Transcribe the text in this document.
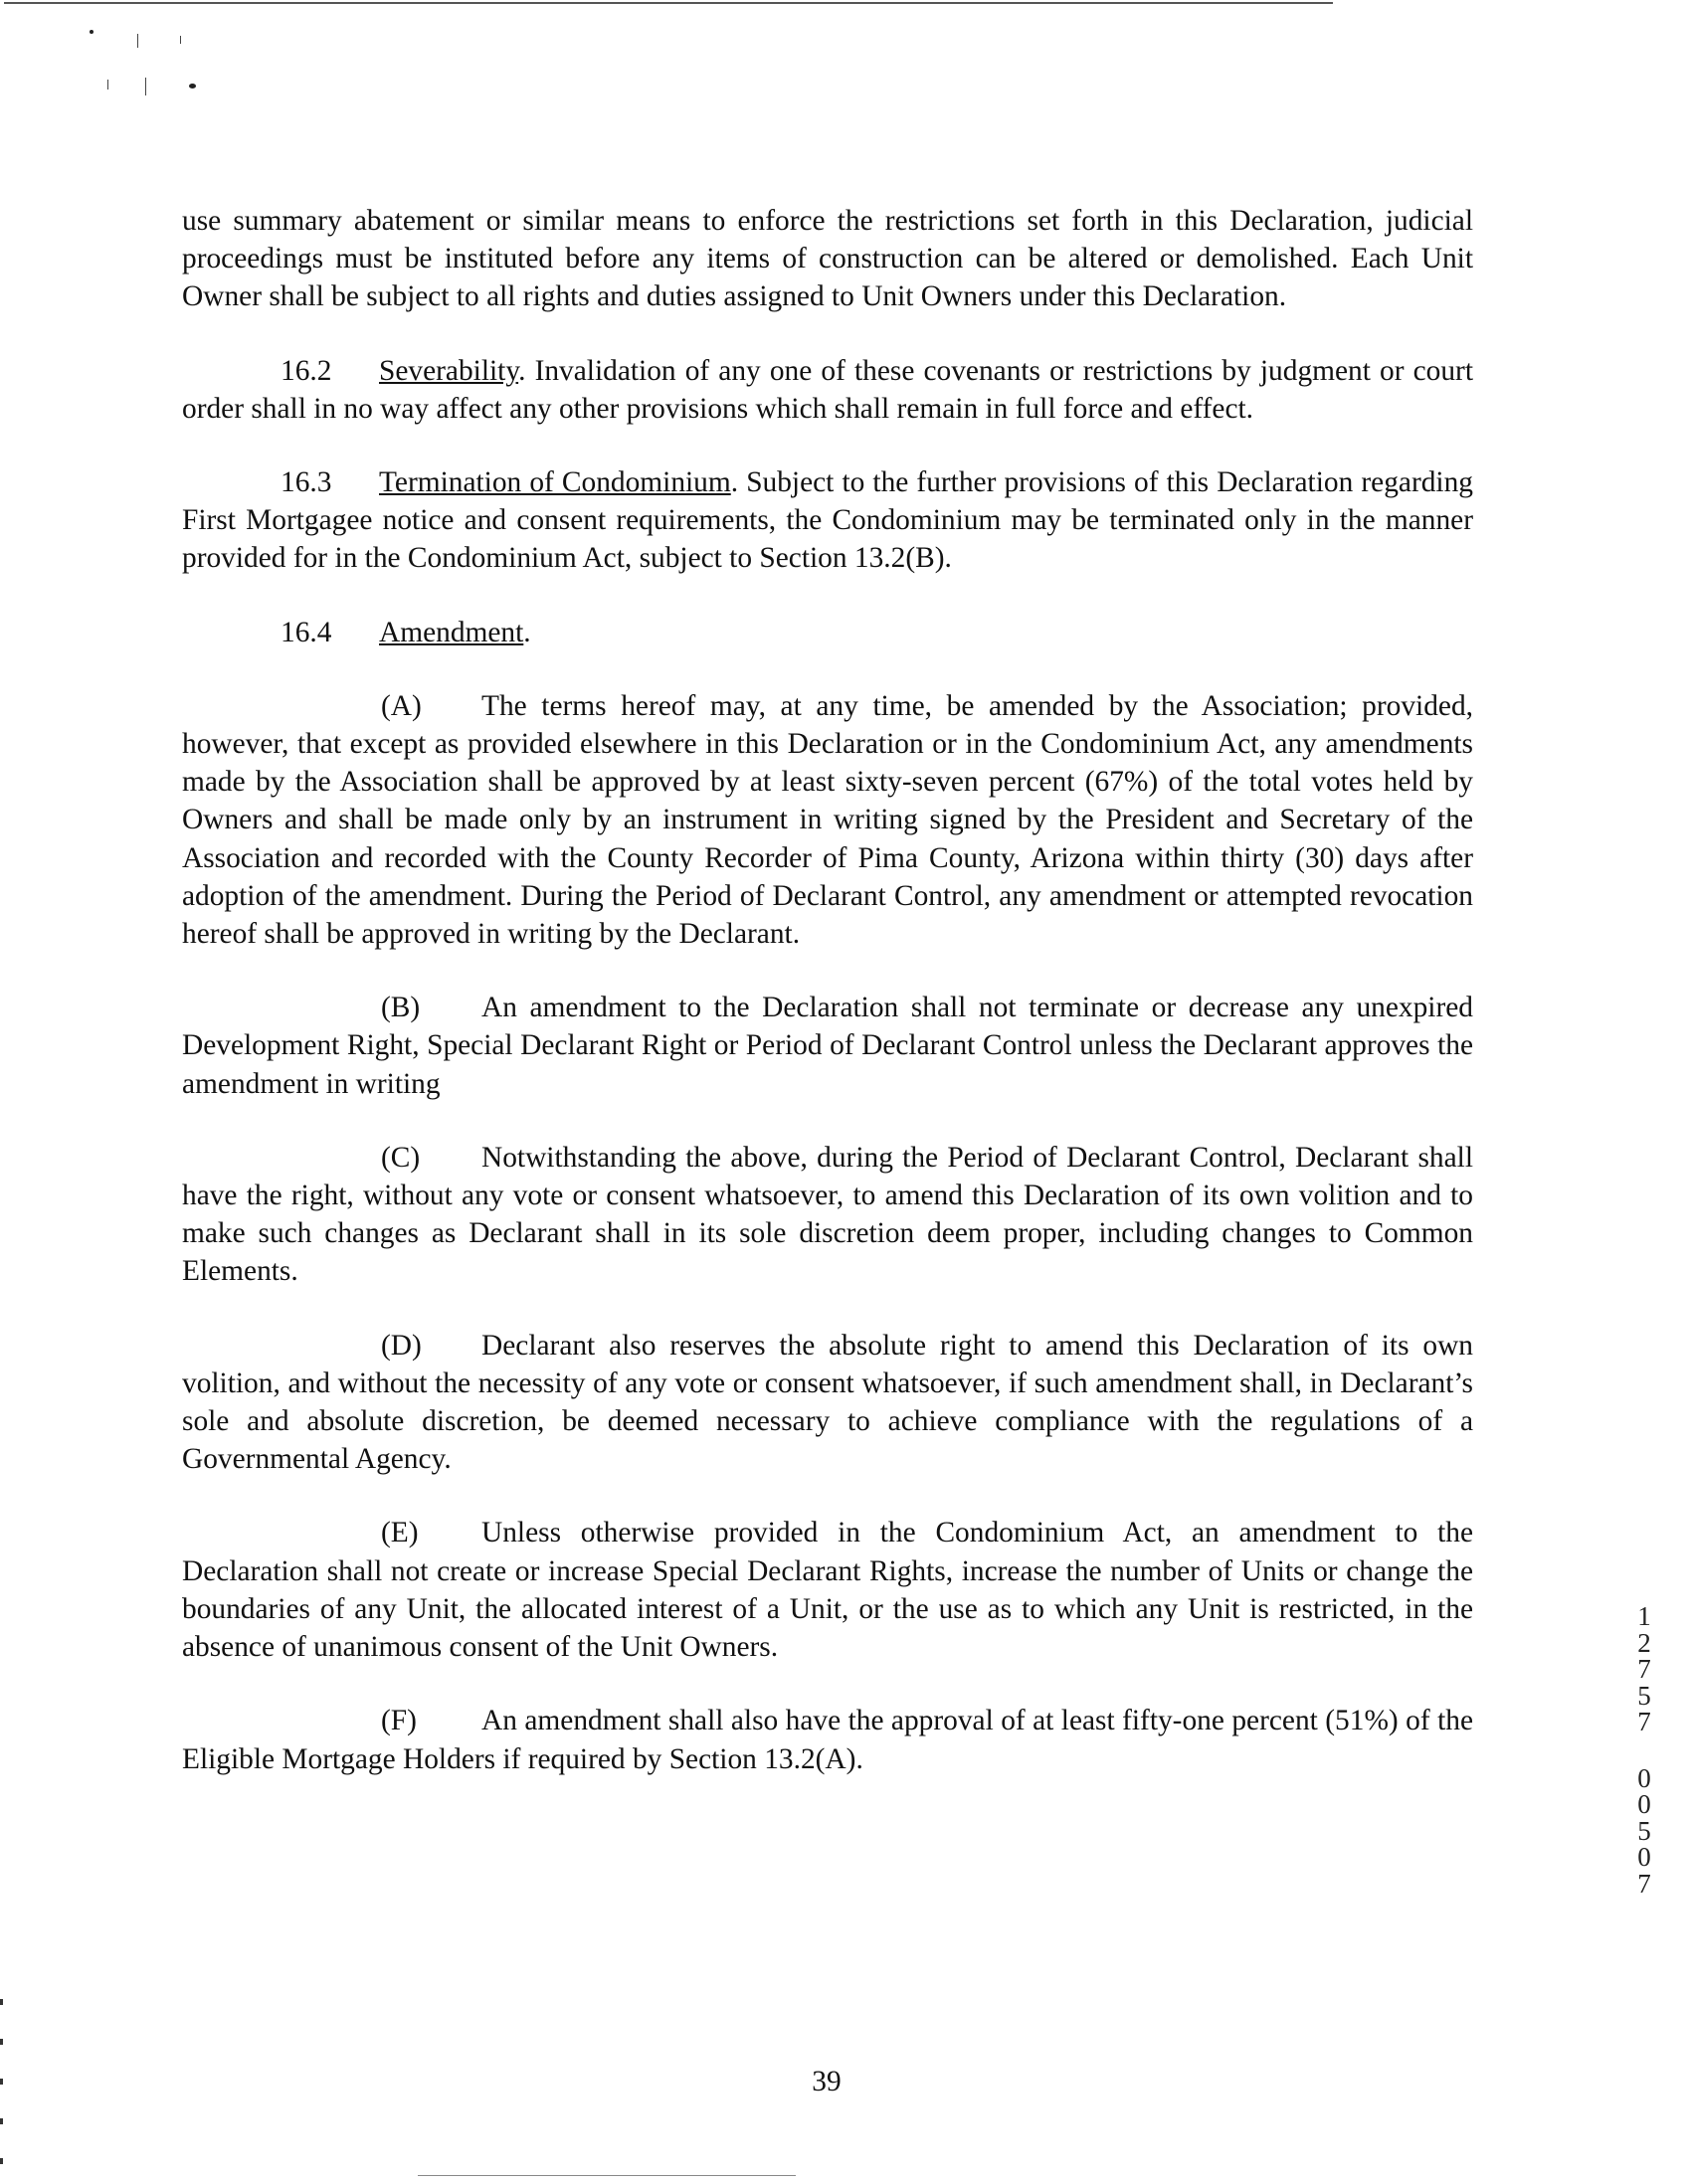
use summary abatement or similar means to enforce the restrictions set forth in this Declaration, judicial proceedings must be instituted before any items of construction can be altered or demolished. Each Unit Owner shall be subject to all rights and duties assigned to Unit Owners under this Declaration.

16.2 Severability. Invalidation of any one of these covenants or restrictions by judgment or court order shall in no way affect any other provisions which shall remain in full force and effect.

16.3 Termination of Condominium. Subject to the further provisions of this Declaration regarding First Mortgagee notice and consent requirements, the Condominium may be terminated only in the manner provided for in the Condominium Act, subject to Section 13.2(B).

16.4 Amendment.

(A) The terms hereof may, at any time, be amended by the Association; provided, however, that except as provided elsewhere in this Declaration or in the Condominium Act, any amendments made by the Association shall be approved by at least sixty-seven percent (67%) of the total votes held by Owners and shall be made only by an instrument in writing signed by the President and Secretary of the Association and recorded with the County Recorder of Pima County, Arizona within thirty (30) days after adoption of the amendment. During the Period of Declarant Control, any amendment or attempted revocation hereof shall be approved in writing by the Declarant.

(B) An amendment to the Declaration shall not terminate or decrease any unexpired Development Right, Special Declarant Right or Period of Declarant Control unless the Declarant approves the amendment in writing

(C) Notwithstanding the above, during the Period of Declarant Control, Declarant shall have the right, without any vote or consent whatsoever, to amend this Declaration of its own volition and to make such changes as Declarant shall in its sole discretion deem proper, including changes to Common Elements.

(D) Declarant also reserves the absolute right to amend this Declaration of its own volition, and without the necessity of any vote or consent whatsoever, if such amendment shall, in Declarant’s sole and absolute discretion, be deemed necessary to achieve compliance with the regulations of a Governmental Agency.

(E) Unless otherwise provided in the Condominium Act, an amendment to the Declaration shall not create or increase Special Declarant Rights, increase the number of Units or change the boundaries of any Unit, the allocated interest of a Unit, or the use as to which any Unit is restricted, in the absence of unanimous consent of the Unit Owners.

(F) An amendment shall also have the approval of at least fifty-one percent (51%) of the Eligible Mortgage Holders if required by Section 13.2(A).

39
1
2
7
5
7

0
0
5
0
7
